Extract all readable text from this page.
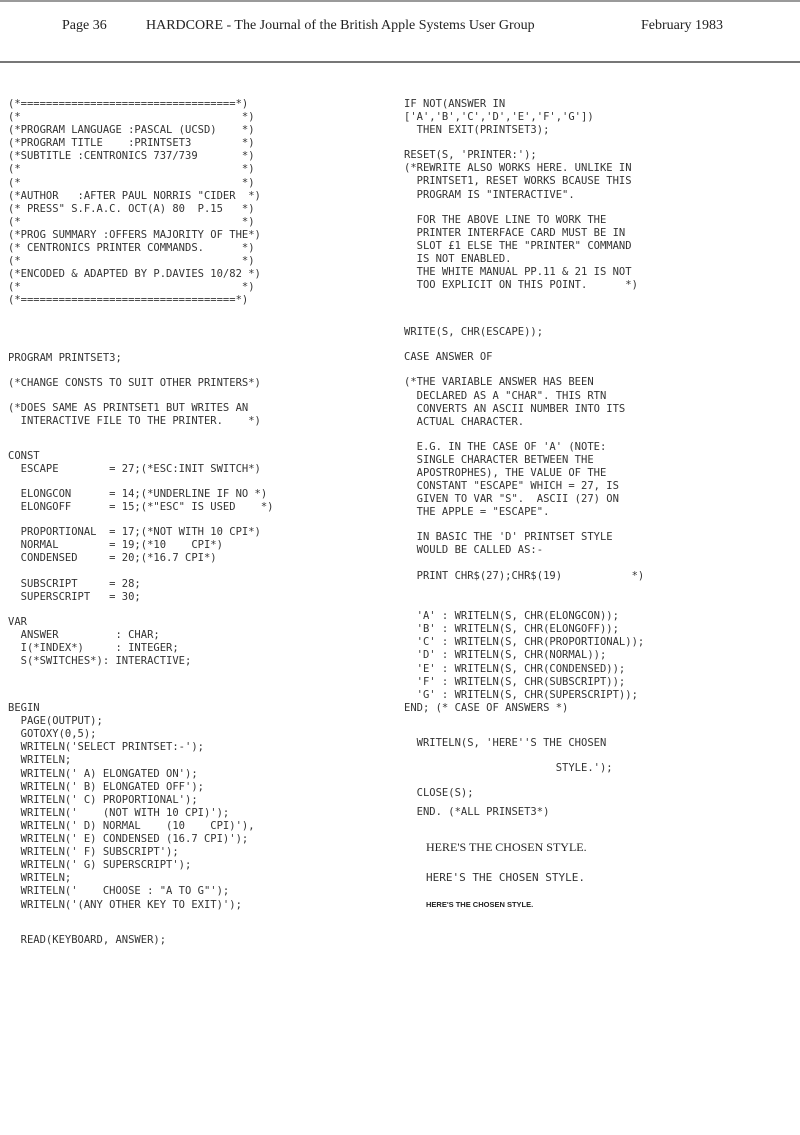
Page 36	HARDCORE - The Journal of the British Apple Systems User Group	February 1983
(*==================================*)
(*                                   *)
(*PROGRAM LANGUAGE :PASCAL (UCSD)    *)
(*PROGRAM TITLE    :PRINTSET3        *)
(*SUBTITLE :CENTRONICS 737/739       *)
(*                                   *)
(*                                   *)
(*AUTHOR   :AFTER PAUL NORRIS "CIDER  *)
(* PRESS" S.F.A.C. OCT(A) 80  P.15   *)
(*                                   *)
(*PROG SUMMARY :OFFERS MAJORITY OF THE*)
(* CENTRONICS PRINTER COMMANDS.      *)
(*                                   *)
(*ENCODED & ADAPTED BY P.DAVIES 10/82 *)
(*                                   *)
(*==================================*)
PROGRAM PRINTSET3;
(*CHANGE CONSTS TO SUIT OTHER PRINTERS*)
(*DOES SAME AS PRINTSET1 BUT WRITES AN
INTERACTIVE FILE TO THE PRINTER.    *)
CONST
ESCAPE        = 27;(*ESC:INIT SWITCH*)
ELONGCON      = 14;(*UNDERLINE IF NO *)
ELONGOFF      = 15;(*"ESC" IS USED    *)
PROPORTIONAL  = 17;(*NOT WITH 10 CPI*)
NORMAL        = 19;(*10    CPI*)
CONDENSED     = 20;(*16.7 CPI*)
SUBSCRIPT     = 28;
SUPERSCRIPT   = 30;
VAR
ANSWER         : CHAR;
I(*INDEX*)     : INTEGER;
S(*SWITCHES*): INTERACTIVE;
BEGIN
PAGE(OUTPUT);
GOTOXY(0,5);
WRITELN('SELECT PRINTSET:-');
WRITELN;
WRITELN(' A) ELONGATED ON');
WRITELN(' B) ELONGATED OFF');
WRITELN(' C) PROPORTIONAL');
WRITELN('    (NOT WITH 10 CPI)');
WRITELN(' D) NORMAL    (10    CPI)'),
WRITELN(' E) CONDENSED (16.7 CPI)');
WRITELN(' F) SUBSCRIPT');
WRITELN(' G) SUPERSCRIPT');
WRITELN;
WRITELN('    CHOOSE : "A TO G"');
WRITELN('(ANY OTHER KEY TO EXIT)');
READ(KEYBOARD, ANSWER);
IF NOT(ANSWER IN
['A','B','C','D','E','F','G'])
THEN EXIT(PRINTSET3);
RESET(S, 'PRINTER:');
(*REWRITE ALSO WORKS HERE. UNLIKE IN
PRINTSET1, RESET WORKS BCAUSE THIS
PROGRAM IS "INTERACTIVE".
FOR THE ABOVE LINE TO WORK THE
PRINTER INTERFACE CARD MUST BE IN
SLOT £1 ELSE THE "PRINTER" COMMAND
IS NOT ENABLED.
THE WHITE MANUAL PP.11 & 21 IS NOT
TOO EXPLICIT ON THIS POINT.      *)
WRITE(S, CHR(ESCAPE));
CASE ANSWER OF
(*THE VARIABLE ANSWER HAS BEEN
DECLARED AS A "CHAR". THIS RTN
CONVERTS AN ASCII NUMBER INTO ITS
ACTUAL CHARACTER.
E.G. IN THE CASE OF 'A' (NOTE:
SINGLE CHARACTER BETWEEN THE
APOSTROPHES), THE VALUE OF THE
CONSTANT "ESCAPE" WHICH = 27, IS
GIVEN TO VAR "S".  ASCII (27) ON
THE APPLE = "ESCAPE".
IN BASIC THE 'D' PRINTSET STYLE
WOULD BE CALLED AS:-
PRINT CHR$(27);CHR$(19)           *)
'A' : WRITELN(S, CHR(ELONGCON));
'B' : WRITELN(S, CHR(ELONGOFF));
'C' : WRITELN(S, CHR(PROPORTIONAL));
'D' : WRITELN(S, CHR(NORMAL));
'E' : WRITELN(S, CHR(CONDENSED));
'F' : WRITELN(S, CHR(SUBSCRIPT));
'G' : WRITELN(S, CHR(SUPERSCRIPT));
END; (* CASE OF ANSWERS *)
WRITELN(S, 'HERE''S THE CHOSEN
STYLE.');
CLOSE(S);
END. (*ALL PRINSET3*)
HERE'S THE CHOSEN STYLE.
HERE'S THE CHOSEN STYLE.
HERE'S THE CHOSEN STYLE.
